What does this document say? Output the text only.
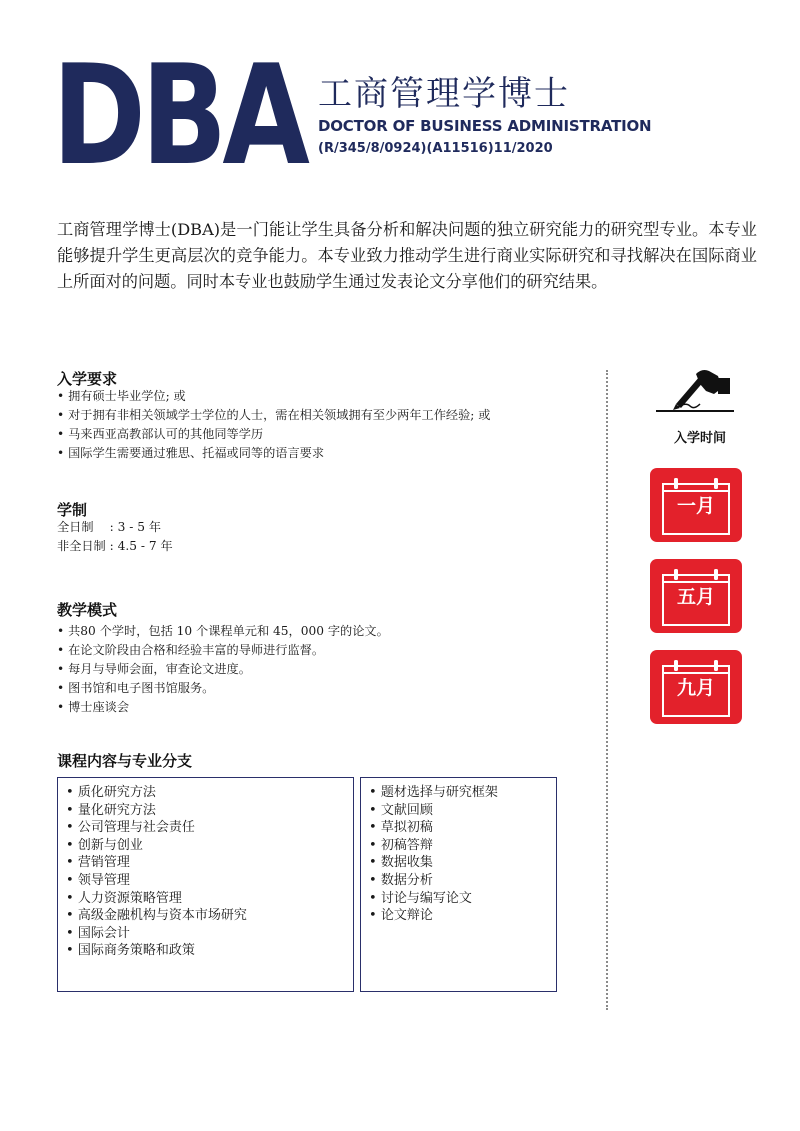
DBA 工商管理学博士
DOCTOR OF BUSINESS ADMINISTRATION
(R/345/8/0924)(A11516)11/2020
工商管理学博士(DBA)是一门能让学生具备分析和解决问题的独立研究能力的研究型专业。本专业能够提升学生更高层次的竞争能力。本专业致力推动学生进行商业实际研究和寻找解决在国际商业上所面对的问题。同时本专业也鼓励学生通过发表论文分享他们的研究结果。
入学要求
• 拥有硕士毕业学位; 或
• 对于拥有非相关领域学士学位的人士，需在相关领域拥有至少两年工作经验; 或
• 马来西亚高教部认可的其他同等学历
• 国际学生需要通过雅思、托福或同等的语言要求
学制
全日制　 : 3 - 5 年
非全日制 : 4.5 - 7 年
教学模式
• 共80 个学时，包括 10 个课程单元和 45，000 字的论文。
• 在论文阶段由合格和经验丰富的导师进行监督。
• 每月与导师会面，审查论文进度。
• 图书馆和电子图书馆服务。
• 博士座谈会
课程内容与专业分支
• 质化研究方法
• 量化研究方法
• 公司管理与社会责任
• 创新与创业
• 营销管理
• 领导管理
• 人力资源策略管理
• 高级金融机构与资本市场研究
• 国际会计
• 国际商务策略和政策
• 题材选择与研究框架
• 文献回顾
• 草拟初稿
• 初稿答辩
• 数据收集
• 数据分析
• 讨论与编写论文
• 论文辩论
入学时间
一月
五月
九月
